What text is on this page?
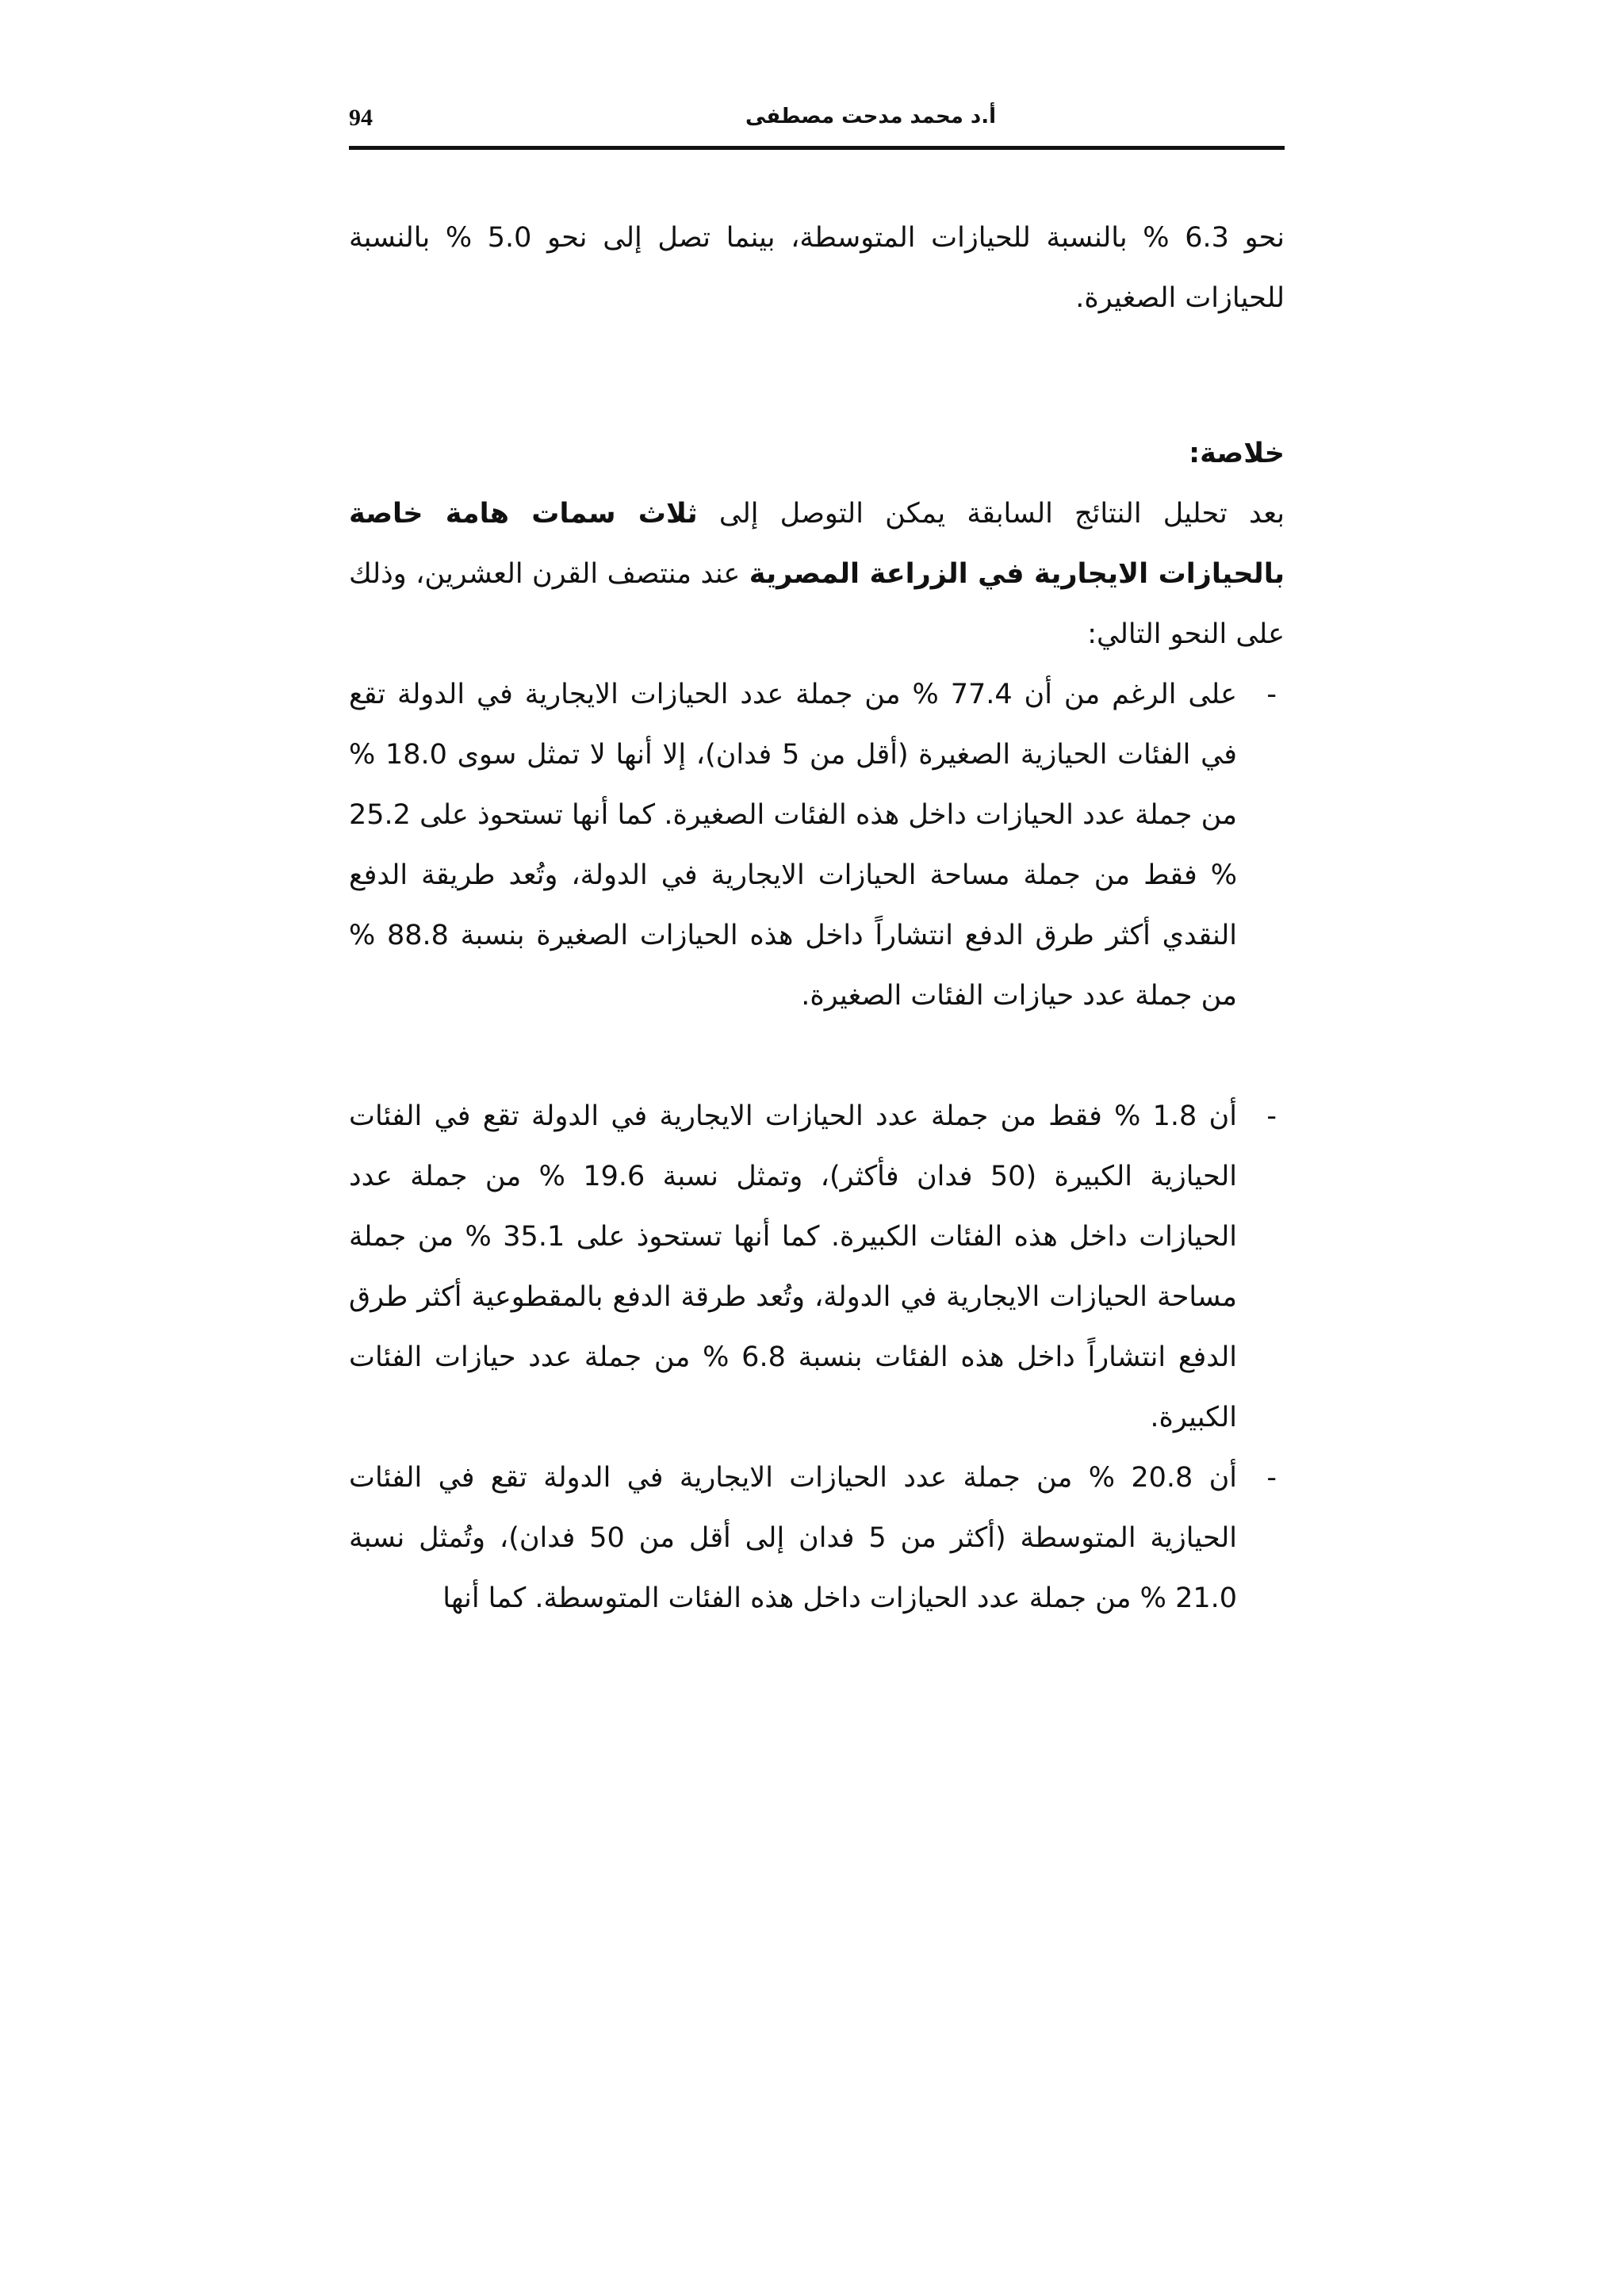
94	أ.د محمد مدحت مصطفى

نحو 6.3 % بالنسبة للحيازات المتوسطة، بينما تصل إلى نحو 5.0 % بالنسبة للحيازات الصغيرة.

خلاصة:

بعد تحليل النتائج السابقة يمكن التوصل إلى ثلاث سمات هامة خاصة بالحيازات الايجارية في الزراعة المصرية عند منتصف القرن العشرين، وذلك على النحو التالي:

-
على الرغم من أن 77.4 % من جملة عدد الحيازات الايجارية في الدولة تقع في الفئات الحيازية الصغيرة (أقل من 5 فدان)، إلا أنها لا تمثل سوى 18.0 % من جملة عدد الحيازات داخل هذه الفئات الصغيرة. كما أنها تستحوذ على 25.2 % فقط من جملة مساحة الحيازات الايجارية في الدولة، وتُعد طريقة الدفع النقدي أكثر طرق الدفع انتشاراً داخل هذه الحيازات الصغيرة بنسبة 88.8 % من جملة عدد حيازات الفئات الصغيرة.
-
أن 1.8 % فقط من جملة عدد الحيازات الايجارية في الدولة تقع في الفئات الحيازية الكبيرة (50 فدان فأكثر)، وتمثل نسبة 19.6 % من جملة عدد الحيازات داخل هذه الفئات الكبيرة. كما أنها تستحوذ على 35.1 % من جملة مساحة الحيازات الايجارية في الدولة، وتُعد طرقة الدفع بالمقطوعية أكثر طرق الدفع انتشاراً داخل هذه الفئات بنسبة 6.8 % من جملة عدد حيازات الفئات الكبيرة.
-
أن 20.8 % من جملة عدد الحيازات الايجارية في الدولة تقع في الفئات الحيازية المتوسطة (أكثر من 5 فدان إلى أقل من 50 فدان)، وتُمثل نسبة 21.0 % من جملة عدد الحيازات داخل هذه الفئات المتوسطة. كما أنها
